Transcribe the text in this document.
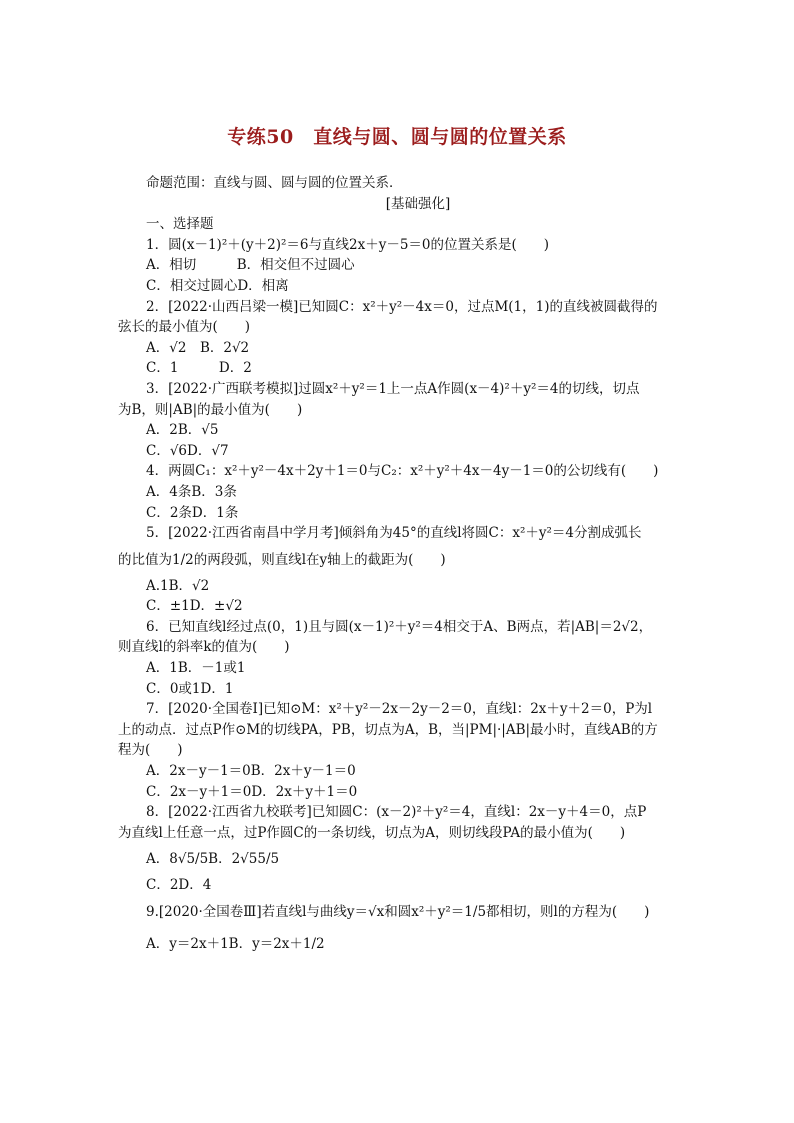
专练50　直线与圆、圆与圆的位置关系
命题范围：直线与圆、圆与圆的位置关系．
[基础强化]
一、选择题
1．圆(x－1)²＋(y＋2)²＝6与直线2x＋y－5＝0的位置关系是(　　)
A．相切　　　B．相交但不过圆心
C．相交过圆心D．相离
2．[2022·山西吕梁一模]已知圆C：x²＋y²－4x＝0，过点M(1，1)的直线被圆截得的
弦长的最小值为(　　)
A．√2　B．2√2
C．1　　　D．2
3．[2022·广西联考模拟]过圆x²＋y²＝1上一点A作圆(x－4)²＋y²＝4的切线，切点
为B，则|AB|的最小值为(　　)
A．2B．√5
C．√6D．√7
4．两圆C₁：x²＋y²－4x＋2y＋1＝0与C₂：x²＋y²＋4x－4y－1＝0的公切线有(　　)
A．4条B．3条
C．2条D．1条
5．[2022·江西省南昌中学月考]倾斜角为45°的直线l将圆C：x²＋y²＝4分割成弧长
的比值为1/2的两段弧，则直线l在y轴上的截距为(　　)
A.1B．√2
C．±1D．±√2
6．已知直线l经过点(0，1)且与圆(x－1)²＋y²＝4相交于A、B两点，若|AB|＝2√2，
则直线l的斜率k的值为(　　)
A．1B．－1或1
C．0或1D．1
7．[2020·全国卷Ⅰ]已知⊙M：x²＋y²－2x－2y－2＝0，直线l：2x＋y＋2＝0，P为l
上的动点．过点P作⊙M的切线PA，PB，切点为A，B，当|PM|·|AB|最小时，直线AB的方
程为(　　)
A．2x－y－1＝0B．2x＋y－1＝0
C．2x－y＋1＝0D．2x＋y＋1＝0
8．[2022·江西省九校联考]已知圆C：(x－2)²＋y²＝4，直线l：2x－y＋4＝0，点P
为直线l上任意一点，过P作圆C的一条切线，切点为A，则切线段PA的最小值为(　　)
A．8√5/5B．2√55/5
C．2D．4
9.[2020·全国卷Ⅲ]若直线l与曲线y＝√x和圆x²＋y²＝1/5都相切，则l的方程为(　　)
A．y＝2x＋1B．y＝2x＋1/2
